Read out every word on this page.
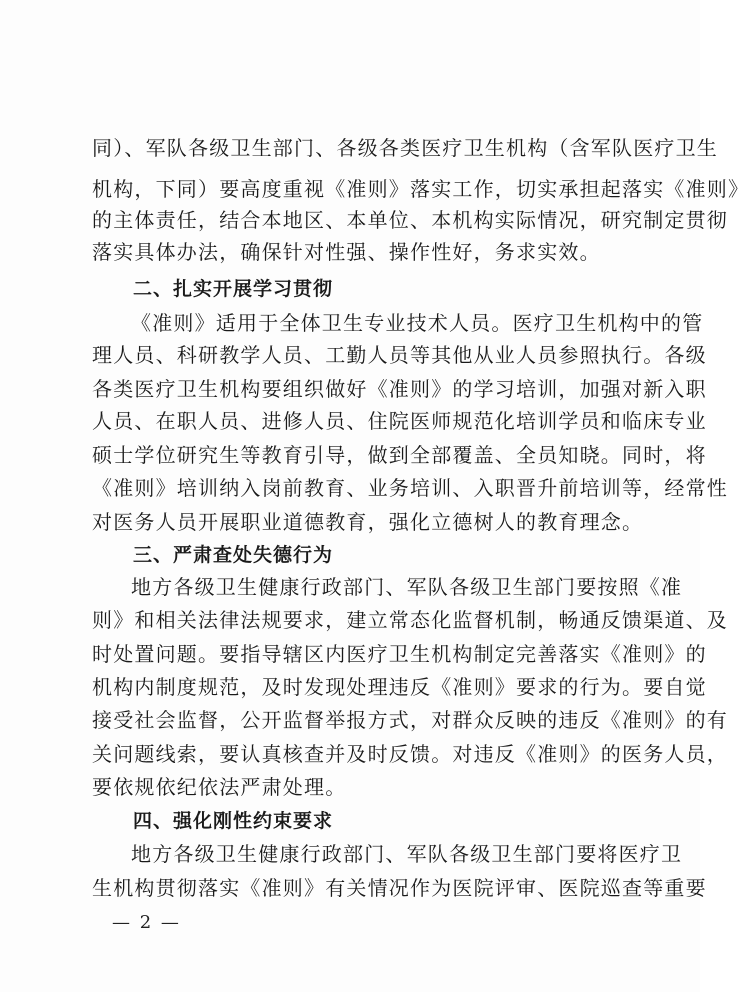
同）、军队各级卫生部门、各级各类医疗卫生机构（含军队医疗卫生
机构，下同）要高度重视《准则》落实工作，切实承担起落实《准则》
的主体责任，结合本地区、本单位、本机构实际情况，研究制定贯彻
落实具体办法，确保针对性强、操作性好，务求实效。
二、扎实开展学习贯彻
《准则》适用于全体卫生专业技术人员。医疗卫生机构中的管
理人员、科研教学人员、工勤人员等其他从业人员参照执行。各级
各类医疗卫生机构要组织做好《准则》的学习培训，加强对新入职
人员、在职人员、进修人员、住院医师规范化培训学员和临床专业
硕士学位研究生等教育引导，做到全部覆盖、全员知晓。同时，将
《准则》培训纳入岗前教育、业务培训、入职晋升前培训等，经常性
对医务人员开展职业道德教育，强化立德树人的教育理念。
三、严肃查处失德行为
地方各级卫生健康行政部门、军队各级卫生部门要按照《准
则》和相关法律法规要求，建立常态化监督机制，畅通反馈渠道、及
时处置问题。要指导辖区内医疗卫生机构制定完善落实《准则》的
机构内制度规范，及时发现处理违反《准则》要求的行为。要自觉
接受社会监督，公开监督举报方式，对群众反映的违反《准则》的有
关问题线索，要认真核查并及时反馈。对违反《准则》的医务人员，
要依规依纪依法严肃处理。
四、强化刚性约束要求
地方各级卫生健康行政部门、军队各级卫生部门要将医疗卫
生机构贯彻落实《准则》有关情况作为医院评审、医院巡查等重要
— 2 —
